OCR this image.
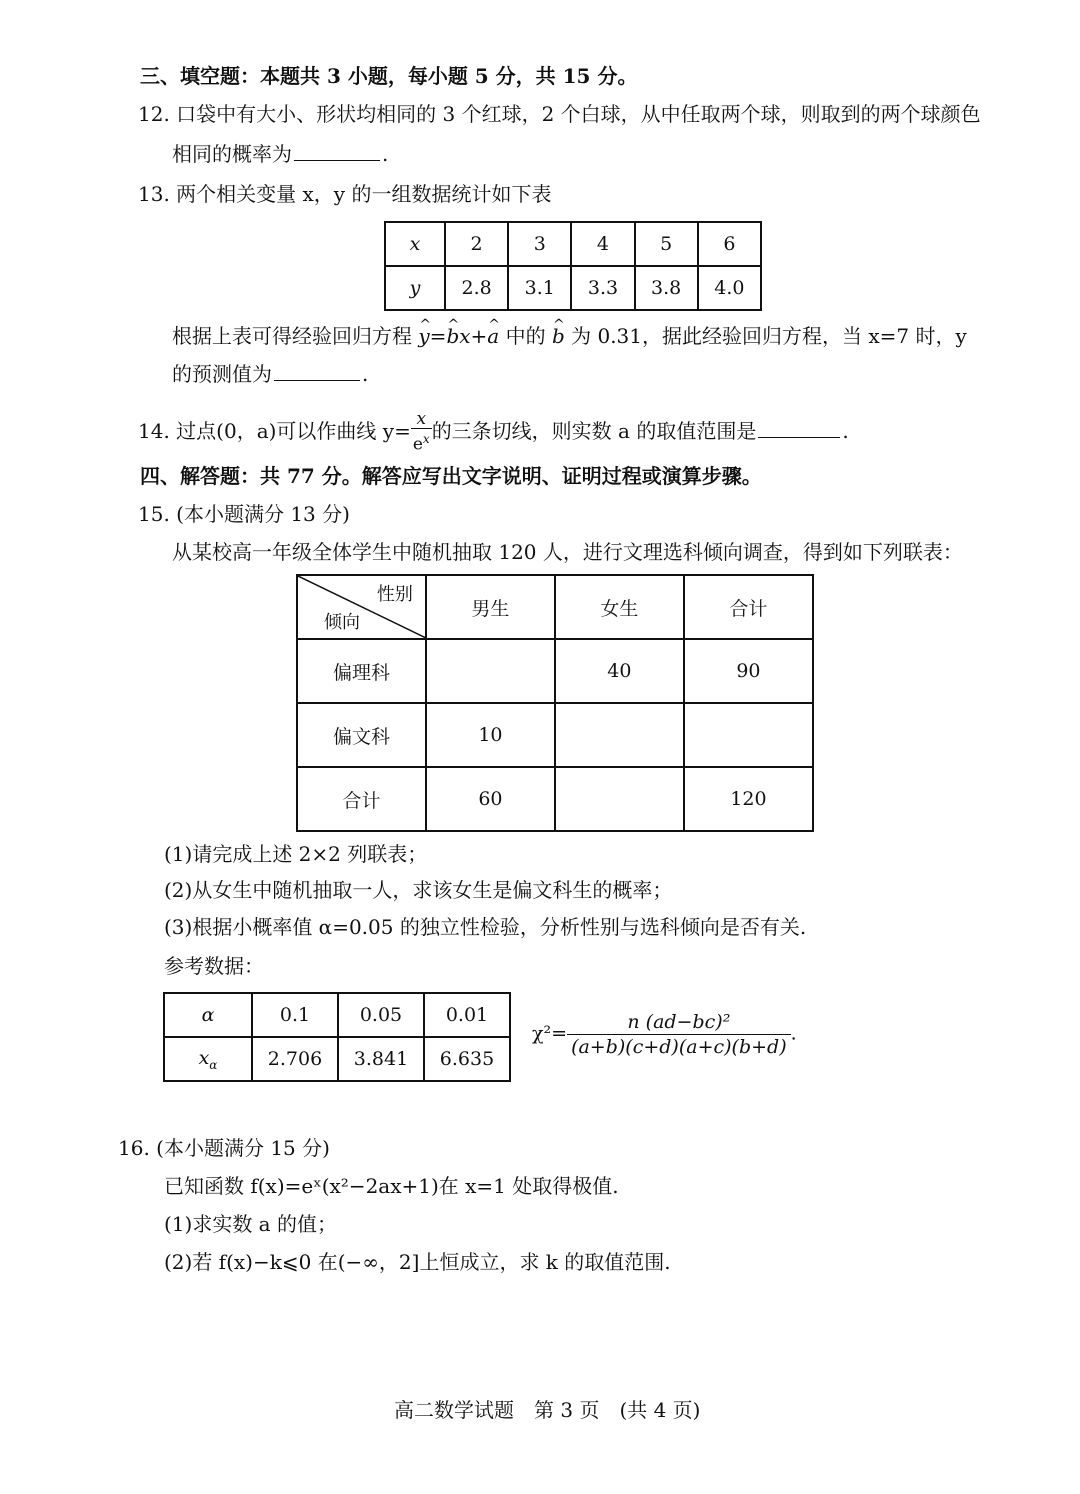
三、填空题：本题共 3 小题，每小题 5 分，共 15 分。
12. 口袋中有大小、形状均相同的 3 个红球，2 个白球，从中任取两个球，则取到的两个球颜色
相同的概率为	.
13. 两个相关变量 x，y 的一组数据统计如下表
x	2	3	4	5	6
y	2.8	3.1	3.3	3.8	4.0
根据上表可得经验回归方程 ^ y=^ bx+^ a 中的 ^ b 为 0.31，据此经验回归方程，当 x=7 时，y
的预测值为	.
14. 过点(0，a)可以作曲线 $y= \frac{x}{e^x}$ 的三条切线，则实数 a 的取值范围是	.
四、解答题：共 77 分。解答应写出文字说明、证明过程或演算步骤。
15. (本小题满分 13 分)
从某校高一年级全体学生中随机抽取 120 人，进行文理选科倾向调查，得到如下列联表：
性别
倾向	男生	女生	合计
偏理科		40	90
偏文科	10		
合计	60		120
(1)请完成上述 2×2 列联表；
(2)从女生中随机抽取一人，求该女生是偏文科生的概率；
(3)根据小概率值 α=0.05 的独立性检验，分析性别与选科倾向是否有关.
参考数据：
α	0.1	0.05	0.01
$x_\alpha$	2.706	3.841	6.635
$\chi^2= \frac{\text{n (ad−bc)²}}{(a+b)(c+d)(a+c)(b+d)}$ .
16. (本小题满分 15 分)
已知函数 f(x)=eˣ(x²−2ax+1)在 x=1 处取得极值.
(1)求实数 a 的值；
(2)若 f(x)−k⩽0 在(−∞，2]上恒成立，求 k 的取值范围.
高二数学试题　第 3 页　(共 4 页)
